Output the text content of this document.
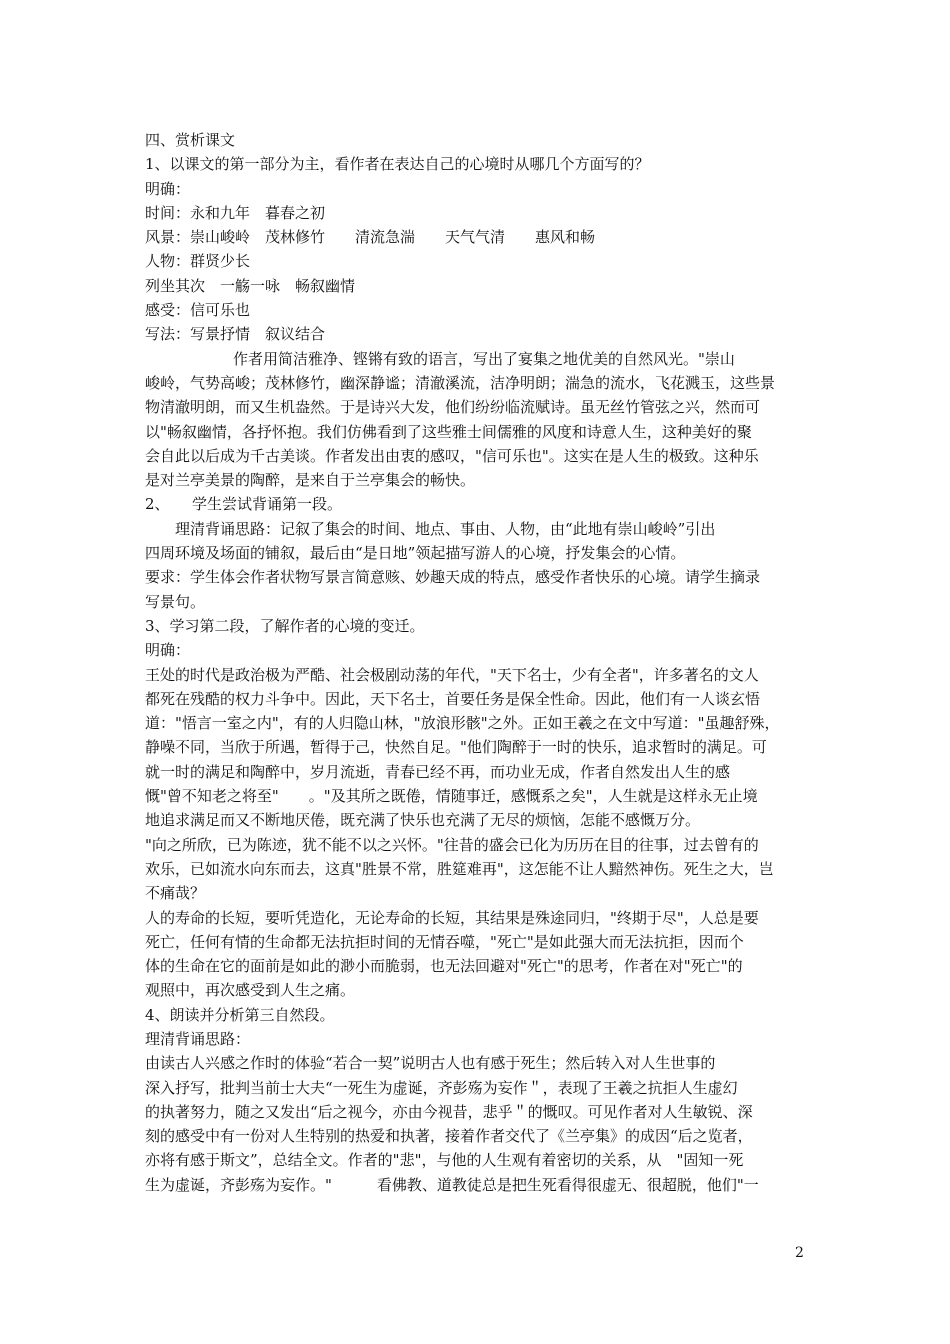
四、赏析课文
1、以课文的第一部分为主，看作者在表达自己的心境时从哪几个方面写的？
明确：
时间：永和九年　暮春之初
风景：崇山峻岭　茂林修竹　　清流急湍　　天气气清　　惠风和畅
人物：群贤少长
列坐其次　一觞一咏　畅叙幽情
感受：信可乐也
写法：写景抒情　叙议结合
作者用简洁雅净、铿锵有致的语言，写出了宴集之地优美的自然风光。"崇山
峻岭，气势高峻；茂林修竹，幽深静谧；清澈溪流，洁净明朗；湍急的流水，飞花溅玉，这些景
物清澈明朗，而又生机盎然。于是诗兴大发，他们纷纷临流赋诗。虽无丝竹管弦之兴，然而可
以"畅叙幽情，各抒怀抱。我们仿佛看到了这些雅士间儒雅的风度和诗意人生，这种美好的聚
会自此以后成为千古美谈。作者发出由衷的感叹，"信可乐也"。这实在是人生的极致。这种乐
是对兰亭美景的陶醉，是来自于兰亭集会的畅快。
2、　　学生尝试背诵第一段。
理清背诵思路：记叙了集会的时间、地点、事由、人物，由“此地有崇山峻岭”引出
四周环境及场面的铺叙，最后由“是日地”领起描写游人的心境，抒发集会的心情。
要求：学生体会作者状物写景言简意赅、妙趣天成的特点，感受作者快乐的心境。请学生摘录
写景句。
3、学习第二段，了解作者的心境的变迁。
明确：
王处的时代是政治极为严酷、社会极剧动荡的年代，"天下名士，少有全者"，许多著名的文人
都死在残酷的权力斗争中。因此，天下名士，首要任务是保全性命。因此，他们有一人谈玄悟
道："悟言一室之内"，有的人归隐山林，"放浪形骸"之外。正如王羲之在文中写道："虽趣舒殊，
静噪不同，当欣于所遇，暂得于己，快然自足。"他们陶醉于一时的快乐，追求暂时的满足。可
就一时的满足和陶醉中，岁月流逝，青春已经不再，而功业无成，作者自然发出人生的感
慨"曾不知老之将至"　　。"及其所之既倦，情随事迁，感慨系之矣"，人生就是这样永无止境
地追求满足而又不断地厌倦，既充满了快乐也充满了无尽的烦恼，怎能不感慨万分。
"向之所欣，已为陈迹，犹不能不以之兴怀。"往昔的盛会已化为历历在目的往事，过去曾有的
欢乐，已如流水向东而去，这真"胜景不常，胜筵难再"，这怎能不让人黯然神伤。死生之大，岂
不痛哉？
人的寿命的长短，要听凭造化，无论寿命的长短，其结果是殊途同归，"终期于尽"，人总是要
死亡，任何有情的生命都无法抗拒时间的无情吞噬，"死亡"是如此强大而无法抗拒，因而个
体的生命在它的面前是如此的渺小而脆弱，也无法回避对"死亡"的思考，作者在对"死亡"的
观照中，再次感受到人生之痛。
4、朗读并分析第三自然段。
理清背诵思路：
由读古人兴感之作时的体验“若合一契”说明古人也有感于死生；然后转入对人生世事的
深入抒写，批判当前士大夫“一死生为虚诞，齐彭殇为妄作＂，表现了王羲之抗拒人生虚幻
的执著努力，随之又发出“后之视今，亦由今视昔，悲乎＂的慨叹。可见作者对人生敏锐、深
刻的感受中有一份对人生特别的热爱和执著，接着作者交代了《兰亭集》的成因“后之览者，
亦将有感于斯文”，总结全文。作者的"悲"，与他的人生观有着密切的关系，从　"固知一死
生为虚诞，齐彭殇为妄作。"　　　看佛教、道教徒总是把生死看得很虚无、很超脱，他们"一
2
